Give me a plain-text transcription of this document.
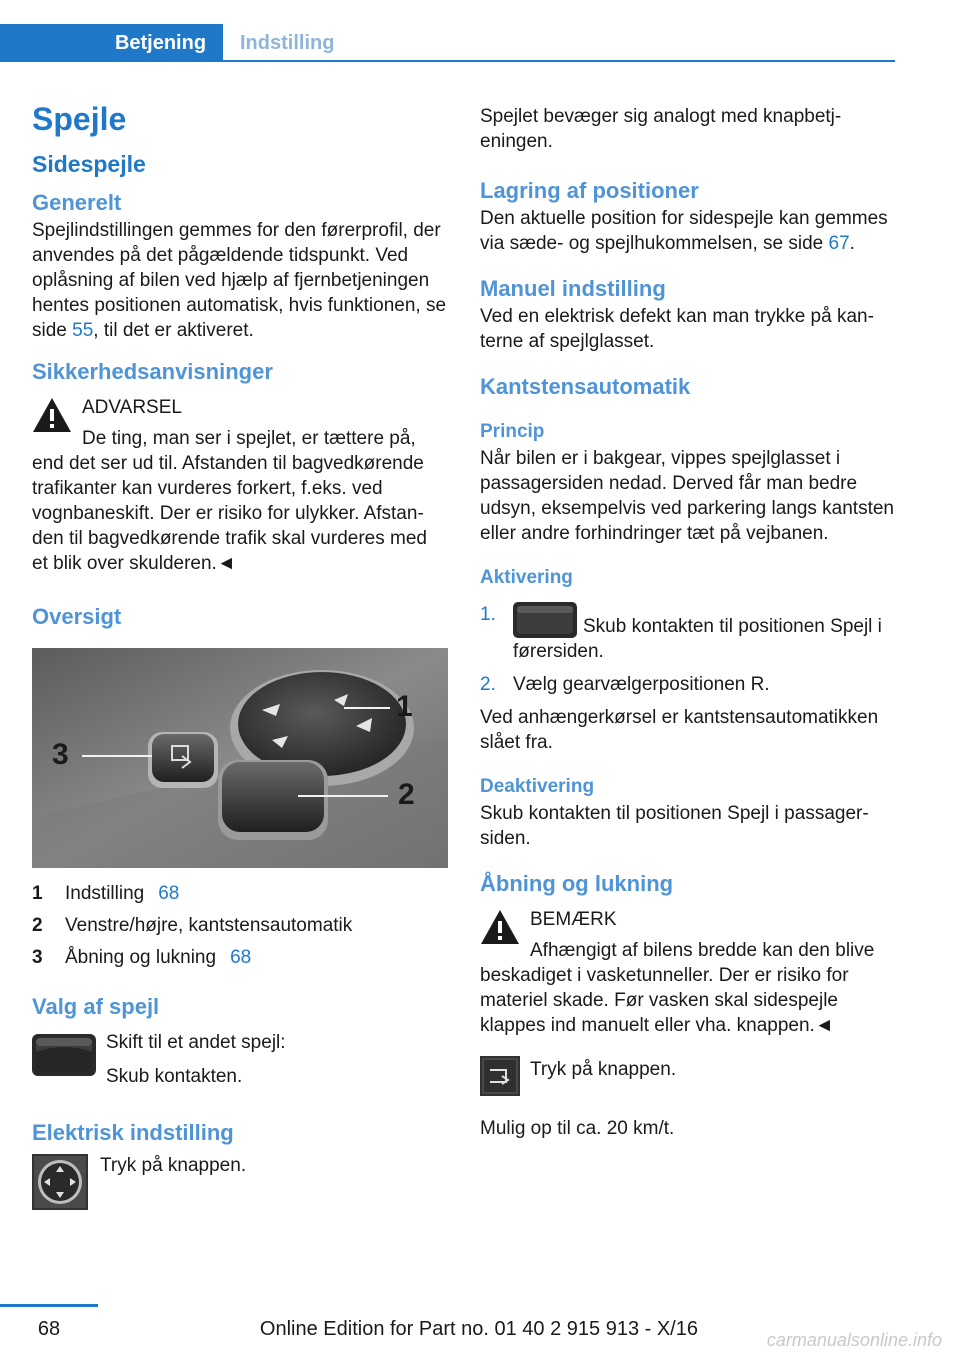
Betjening	Indstilling
Spejle
Sidespejle
Generelt

Spejlindstillingen gemmes for den førerprofil, der anvendes på det pågældende tidspunkt. Ved oplåsning af bilen ved hjælp af fjernbetjeningen hentes positionen automatisk, hvis funktionen, se side 55, til det er aktiveret.

Sikkerhedsanvisninger
ADVARSEL

De ting, man ser i spejlet, er tættere på, end det ser ud til. Afstanden til bagvedkørende trafikanter kan vurderes forkert, f.eks. ved vognbaneskift. Der er risiko for ulykker. Afstanden til bagvedkørende trafik skal vurderes med et blik over skulderen.◄

Oversigt
1
2
3
1	Indstilling 68
2	Venstre/højre, kantstensautomatik
3	Åbning og lukning 68
Valg af spejl

Skift til et andet spejl:

Skub kontakten.

Elektrisk indstilling

Tryk på knappen.

Spejlet bevæger sig analogt med knapbetjeningen.

Lagring af positioner

Den aktuelle position for sidespejle kan gemmes via sæde- og spejlhukommelsen, se side 67.

Manuel indstilling

Ved en elektrisk defekt kan man trykke på kanterne af spejlglasset.

Kantstensautomatik
Princip

Når bilen er i bakgear, vippes spejlglasset i passagersiden nedad. Derved får man bedre udsyn, eksempelvis ved parkering langs kantsten eller andre forhindringer tæt på vejbanen.

Aktivering
1.
Skub kontakten til positionen Spejl i førersiden.
2. Vælg gearvælgerpositionen R.

Ved anhængerkørsel er kantstensautomatikken slået fra.

Deaktivering

Skub kontakten til positionen Spejl i passagersiden.

Åbning og lukning
BEMÆRK

Afhængigt af bilens bredde kan den blive beskadiget i vasketunneller. Der er risiko for materiel skade. Før vasken skal sidespejle klappes ind manuelt eller vha. knappen.◄

Tryk på knappen.

Mulig op til ca. 20 km/t.

68	Online Edition for Part no. 01 40 2 915 913 - X/16	carmanualsonline.info
